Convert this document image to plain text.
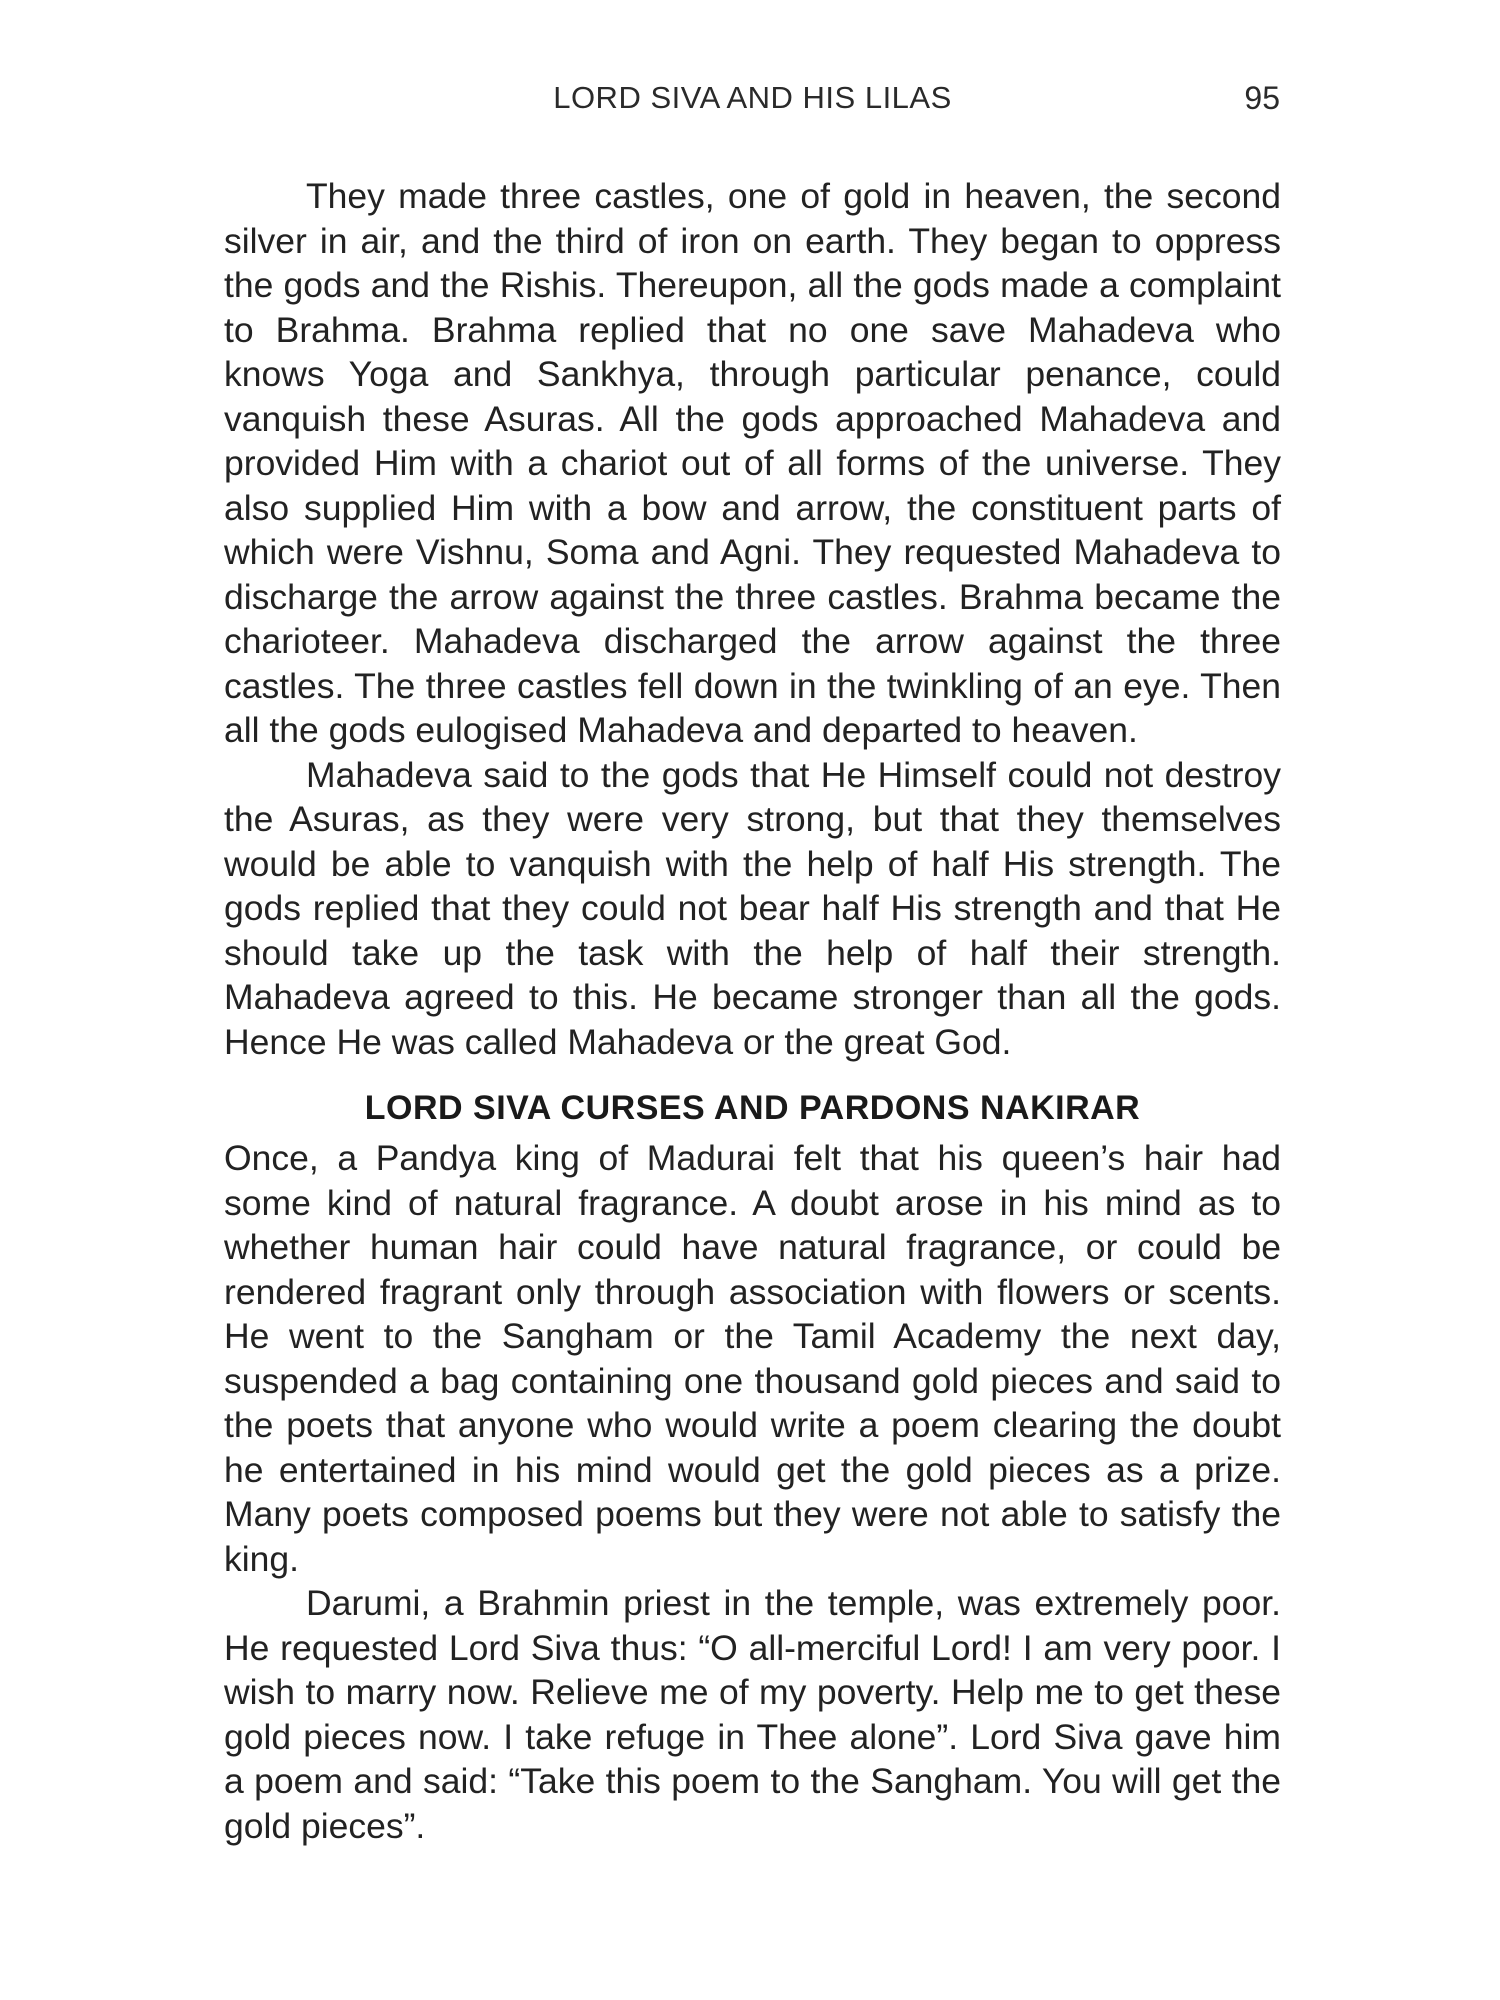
LORD SIVA AND HIS LILAS	95

They made three castles, one of gold in heaven, the second silver in air, and the third of iron on earth. They began to oppress the gods and the Rishis. Thereupon, all the gods made a complaint to Brahma. Brahma replied that no one save Mahadeva who knows Yoga and Sankhya, through particular penance, could vanquish these Asuras. All the gods approached Mahadeva and provided Him with a chariot out of all forms of the universe. They also supplied Him with a bow and arrow, the constituent parts of which were Vishnu, Soma and Agni. They requested Mahadeva to discharge the arrow against the three castles. Brahma became the charioteer. Mahadeva discharged the arrow against the three castles. The three castles fell down in the twinkling of an eye. Then all the gods eulogised Mahadeva and departed to heaven.

Mahadeva said to the gods that He Himself could not destroy the Asuras, as they were very strong, but that they themselves would be able to vanquish with the help of half His strength. The gods replied that they could not bear half His strength and that He should take up the task with the help of half their strength. Mahadeva agreed to this. He became stronger than all the gods. Hence He was called Mahadeva or the great God.

LORD SIVA CURSES AND PARDONS NAKIRAR

Once, a Pandya king of Madurai felt that his queen’s hair had some kind of natural fragrance. A doubt arose in his mind as to whether human hair could have natural fragrance, or could be rendered fragrant only through association with flowers or scents. He went to the Sangham or the Tamil Academy the next day, suspended a bag containing one thousand gold pieces and said to the poets that anyone who would write a poem clearing the doubt he entertained in his mind would get the gold pieces as a prize. Many poets composed poems but they were not able to satisfy the king.

Darumi, a Brahmin priest in the temple, was extremely poor. He requested Lord Siva thus: “O all-merciful Lord! I am very poor. I wish to marry now. Relieve me of my poverty. Help me to get these gold pieces now. I take refuge in Thee alone”. Lord Siva gave him a poem and said: “Take this poem to the Sangham. You will get the gold pieces”.
